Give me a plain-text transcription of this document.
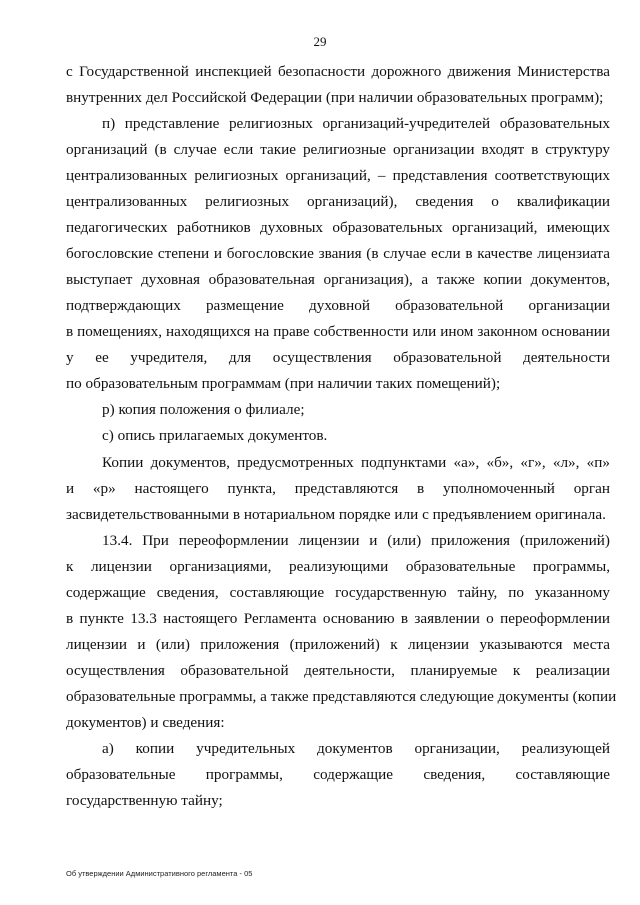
29
с Государственной инспекцией безопасности дорожного движения Министерства
внутренних дел Российской Федерации (при наличии образовательных программ);
п) представление религиозных организаций-учредителей образовательных
организаций (в случае если такие религиозные организации входят в структуру
централизованных религиозных организаций, – представления соответствующих
централизованных религиозных организаций), сведения о квалификации
педагогических работников духовных образовательных организаций, имеющих
богословские степени и богословские звания (в случае если в качестве лицензиата
выступает духовная образовательная организация), а также копии документов,
подтверждающих размещение духовной образовательной организации
в помещениях, находящихся на праве собственности или ином законном основании
у ее учредителя, для осуществления образовательной деятельности
по образовательным программам (при наличии таких помещений);
р) копия положения о филиале;
с) опись прилагаемых документов.
Копии документов, предусмотренных подпунктами «а», «б», «г», «л», «п»
и «р» настоящего пункта, представляются в уполномоченный орган
засвидетельствованными в нотариальном порядке или с предъявлением оригинала.
13.4. При переоформлении лицензии и (или) приложения (приложений)
к лицензии организациями, реализующими образовательные программы,
содержащие сведения, составляющие государственную тайну, по указанному
в пункте 13.3 настоящего Регламента основанию в заявлении о переоформлении
лицензии и (или) приложения (приложений) к лицензии указываются места
осуществления образовательной деятельности, планируемые к реализации
образовательные программы, а также представляются следующие документы (копии
документов) и сведения:
а) копии учредительных документов организации, реализующей
образовательные программы, содержащие сведения, составляющие
государственную тайну;
Об утверждении Административного регламента - 05
